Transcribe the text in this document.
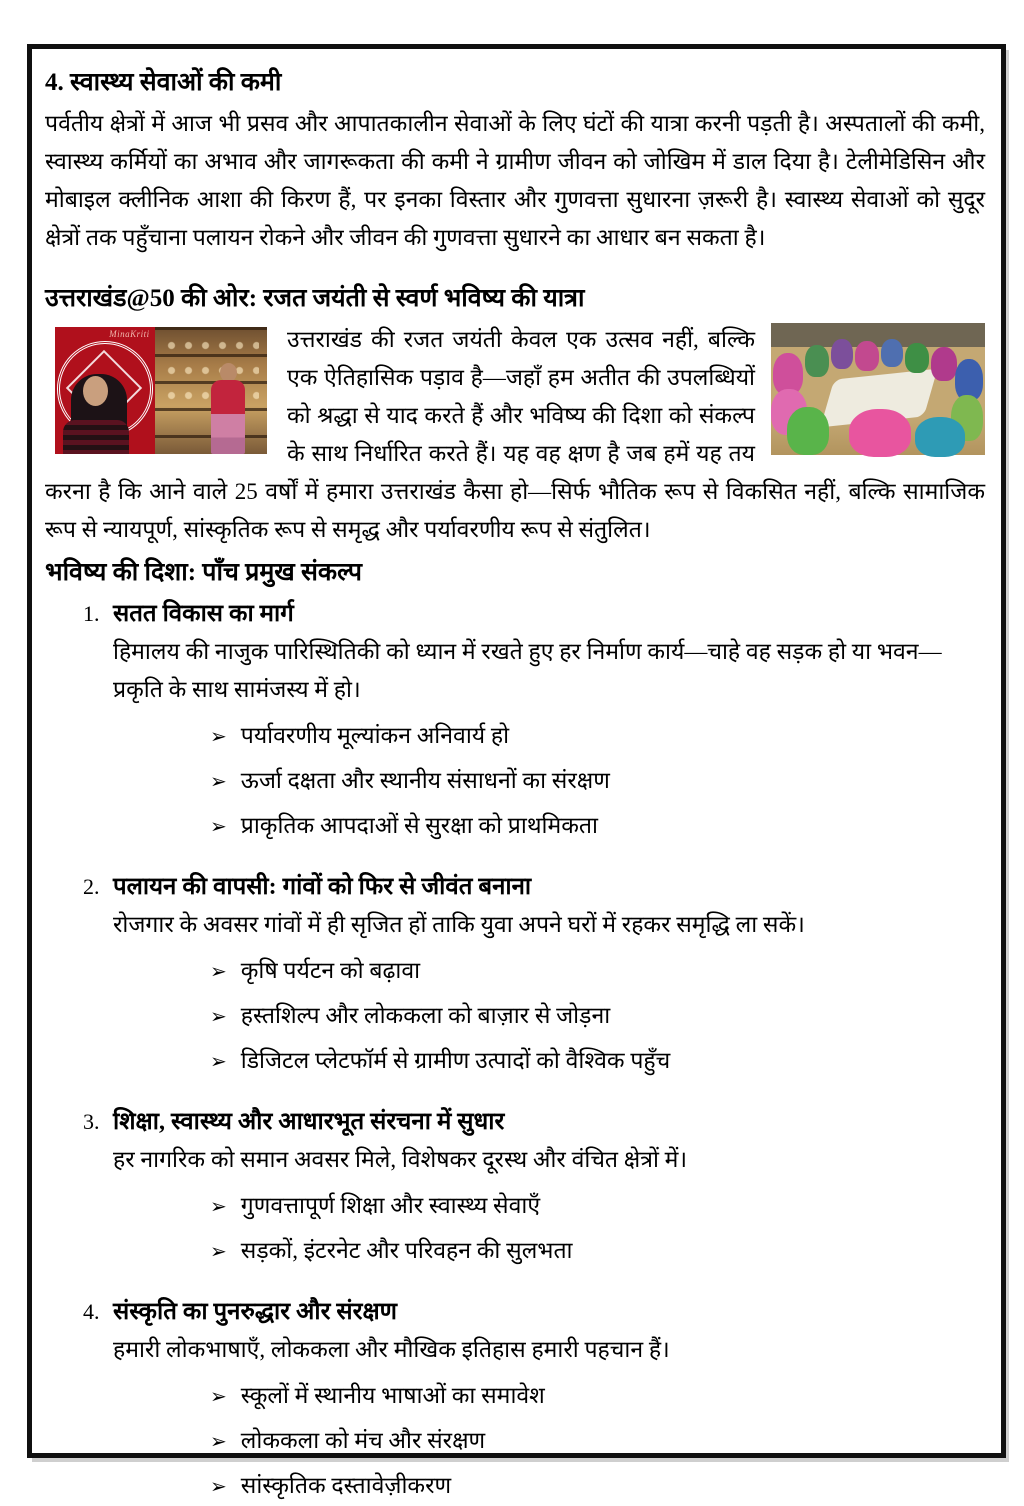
4. स्वास्थ्य सेवाओं की कमी

पर्वतीय क्षेत्रों में आज भी प्रसव और आपातकालीन सेवाओं के लिए घंटों की यात्रा करनी पड़ती है। अस्पतालों की कमी, स्वास्थ्य कर्मियों का अभाव और जागरूकता की कमी ने ग्रामीण जीवन को जोखिम में डाल दिया है। टेलीमेडिसिन और मोबाइल क्लीनिक आशा की किरण हैं, पर इनका विस्तार और गुणवत्ता सुधारना ज़रूरी है। स्वास्थ्य सेवाओं को सुदूर क्षेत्रों तक पहुँचाना पलायन रोकने और जीवन की गुणवत्ता सुधारने का आधार बन सकता है।

उत्तराखंड@50 की ओर: रजत जयंती से स्वर्ण भविष्य की यात्रा
MinaKriti	उत्तराखंड की रजत जयंती केवल एक उत्सव नहीं, बल्कि एक ऐतिहासिक पड़ाव है—जहाँ हम अतीत की उपलब्धियों को श्रद्धा से याद करते हैं और भविष्य की दिशा को संकल्प के साथ निर्धारित करते हैं। यह वह क्षण है जब हमें यह तय करना है कि आने वाले 25 वर्षों में हमारा उत्तराखंड कैसा हो—सिर्फ भौतिक रूप से विकसित नहीं, बल्कि सामाजिक रूप से न्यायपूर्ण, सांस्कृतिक रूप से समृद्ध और पर्यावरणीय रूप से संतुलित।

भविष्य की दिशा: पाँच प्रमुख संकल्प
1. सतत विकास का मार्ग

हिमालय की नाजुक पारिस्थितिकी को ध्यान में रखते हुए हर निर्माण कार्य—चाहे वह सड़क हो या भवन—प्रकृति के साथ सामंजस्य में हो।

➢ पर्यावरणीय मूल्यांकन अनिवार्य हो
➢ ऊर्जा दक्षता और स्थानीय संसाधनों का संरक्षण
➢ प्राकृतिक आपदाओं से सुरक्षा को प्राथमिकता
2. पलायन की वापसी: गांवों को फिर से जीवंत बनाना

रोजगार के अवसर गांवों में ही सृजित हों ताकि युवा अपने घरों में रहकर समृद्धि ला सकें।

➢ कृषि पर्यटन को बढ़ावा
➢ हस्तशिल्प और लोककला को बाज़ार से जोड़ना
➢ डिजिटल प्लेटफॉर्म से ग्रामीण उत्पादों को वैश्विक पहुँच
3. शिक्षा, स्वास्थ्य और आधारभूत संरचना में सुधार

हर नागरिक को समान अवसर मिले, विशेषकर दूरस्थ और वंचित क्षेत्रों में।

➢ गुणवत्तापूर्ण शिक्षा और स्वास्थ्य सेवाएँ
➢ सड़कों, इंटरनेट और परिवहन की सुलभता
4. संस्कृति का पुनरुद्धार और संरक्षण

हमारी लोकभाषाएँ, लोककला और मौखिक इतिहास हमारी पहचान हैं।

➢ स्कूलों में स्थानीय भाषाओं का समावेश
➢ लोककला को मंच और संरक्षण
➢ सांस्कृतिक दस्तावेज़ीकरण
